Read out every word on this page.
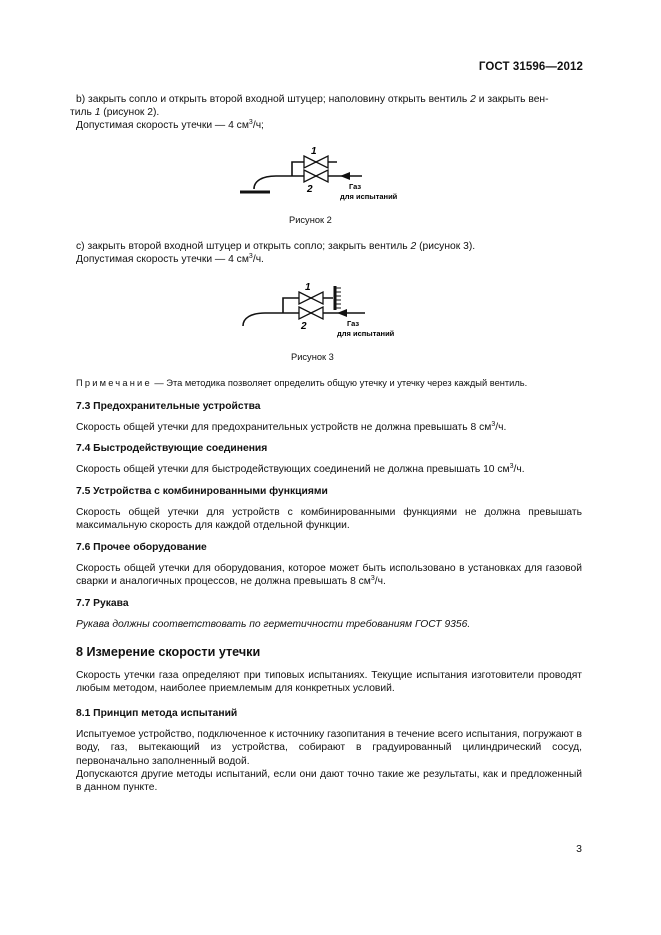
ГОСТ 31596—2012

b) закрыть сопло и открыть второй входной штуцер; наполовину открыть вентиль 2 и закрыть вен-
тиль 1 (рисунок 2).

Допустимая скорость утечки — 4 $см^3/ч$;

1
2	Газ
для испытаний
Рисунок 2

с) закрыть второй входной штуцер и открыть сопло; закрыть вентиль 2 (рисунок 3).

Допустимая скорость утечки — 4 $см^3/ч$.

1
2	Газ
для испытаний
Рисунок 3

Примечание — Эта методика позволяет определить общую утечку и утечку через каждый вентиль.

7.3 Предохранительные устройства

Скорость общей утечки для предохранительных устройств не должна превышать 8 $см^3/ч$.

7.4 Быстродействующие соединения

Скорость общей утечки для быстродействующих соединений не должна превышать 10 $см^3/ч$.

7.5 Устройства с комбинированными функциями

Скорость общей утечки для устройств с комбинированными функциями не должна превышать максимальную скорость для каждой отдельной функции.

7.6 Прочее оборудование

Скорость общей утечки для оборудования, которое может быть использовано в установках для газовой сварки и аналогичных процессов, не должна превышать 8 $см^3/ч$.

7.7 Рукава

Рукава должны соответствовать по герметичности требованиям ГОСТ 9356.

8 Измерение скорости утечки

Скорость утечки газа определяют при типовых испытаниях. Текущие испытания изготовители проводят любым методом, наиболее приемлемым для конкретных условий.

8.1 Принцип метода испытаний

Испытуемое устройство, подключенное к источнику газопитания в течение всего испытания, погружают в воду, газ, вытекающий из устройства, собирают в градуированный цилиндрический сосуд, первоначально заполненный водой.

Допускаются другие методы испытаний, если они дают точно такие же результаты, как и предложенный в данном пункте.

3
